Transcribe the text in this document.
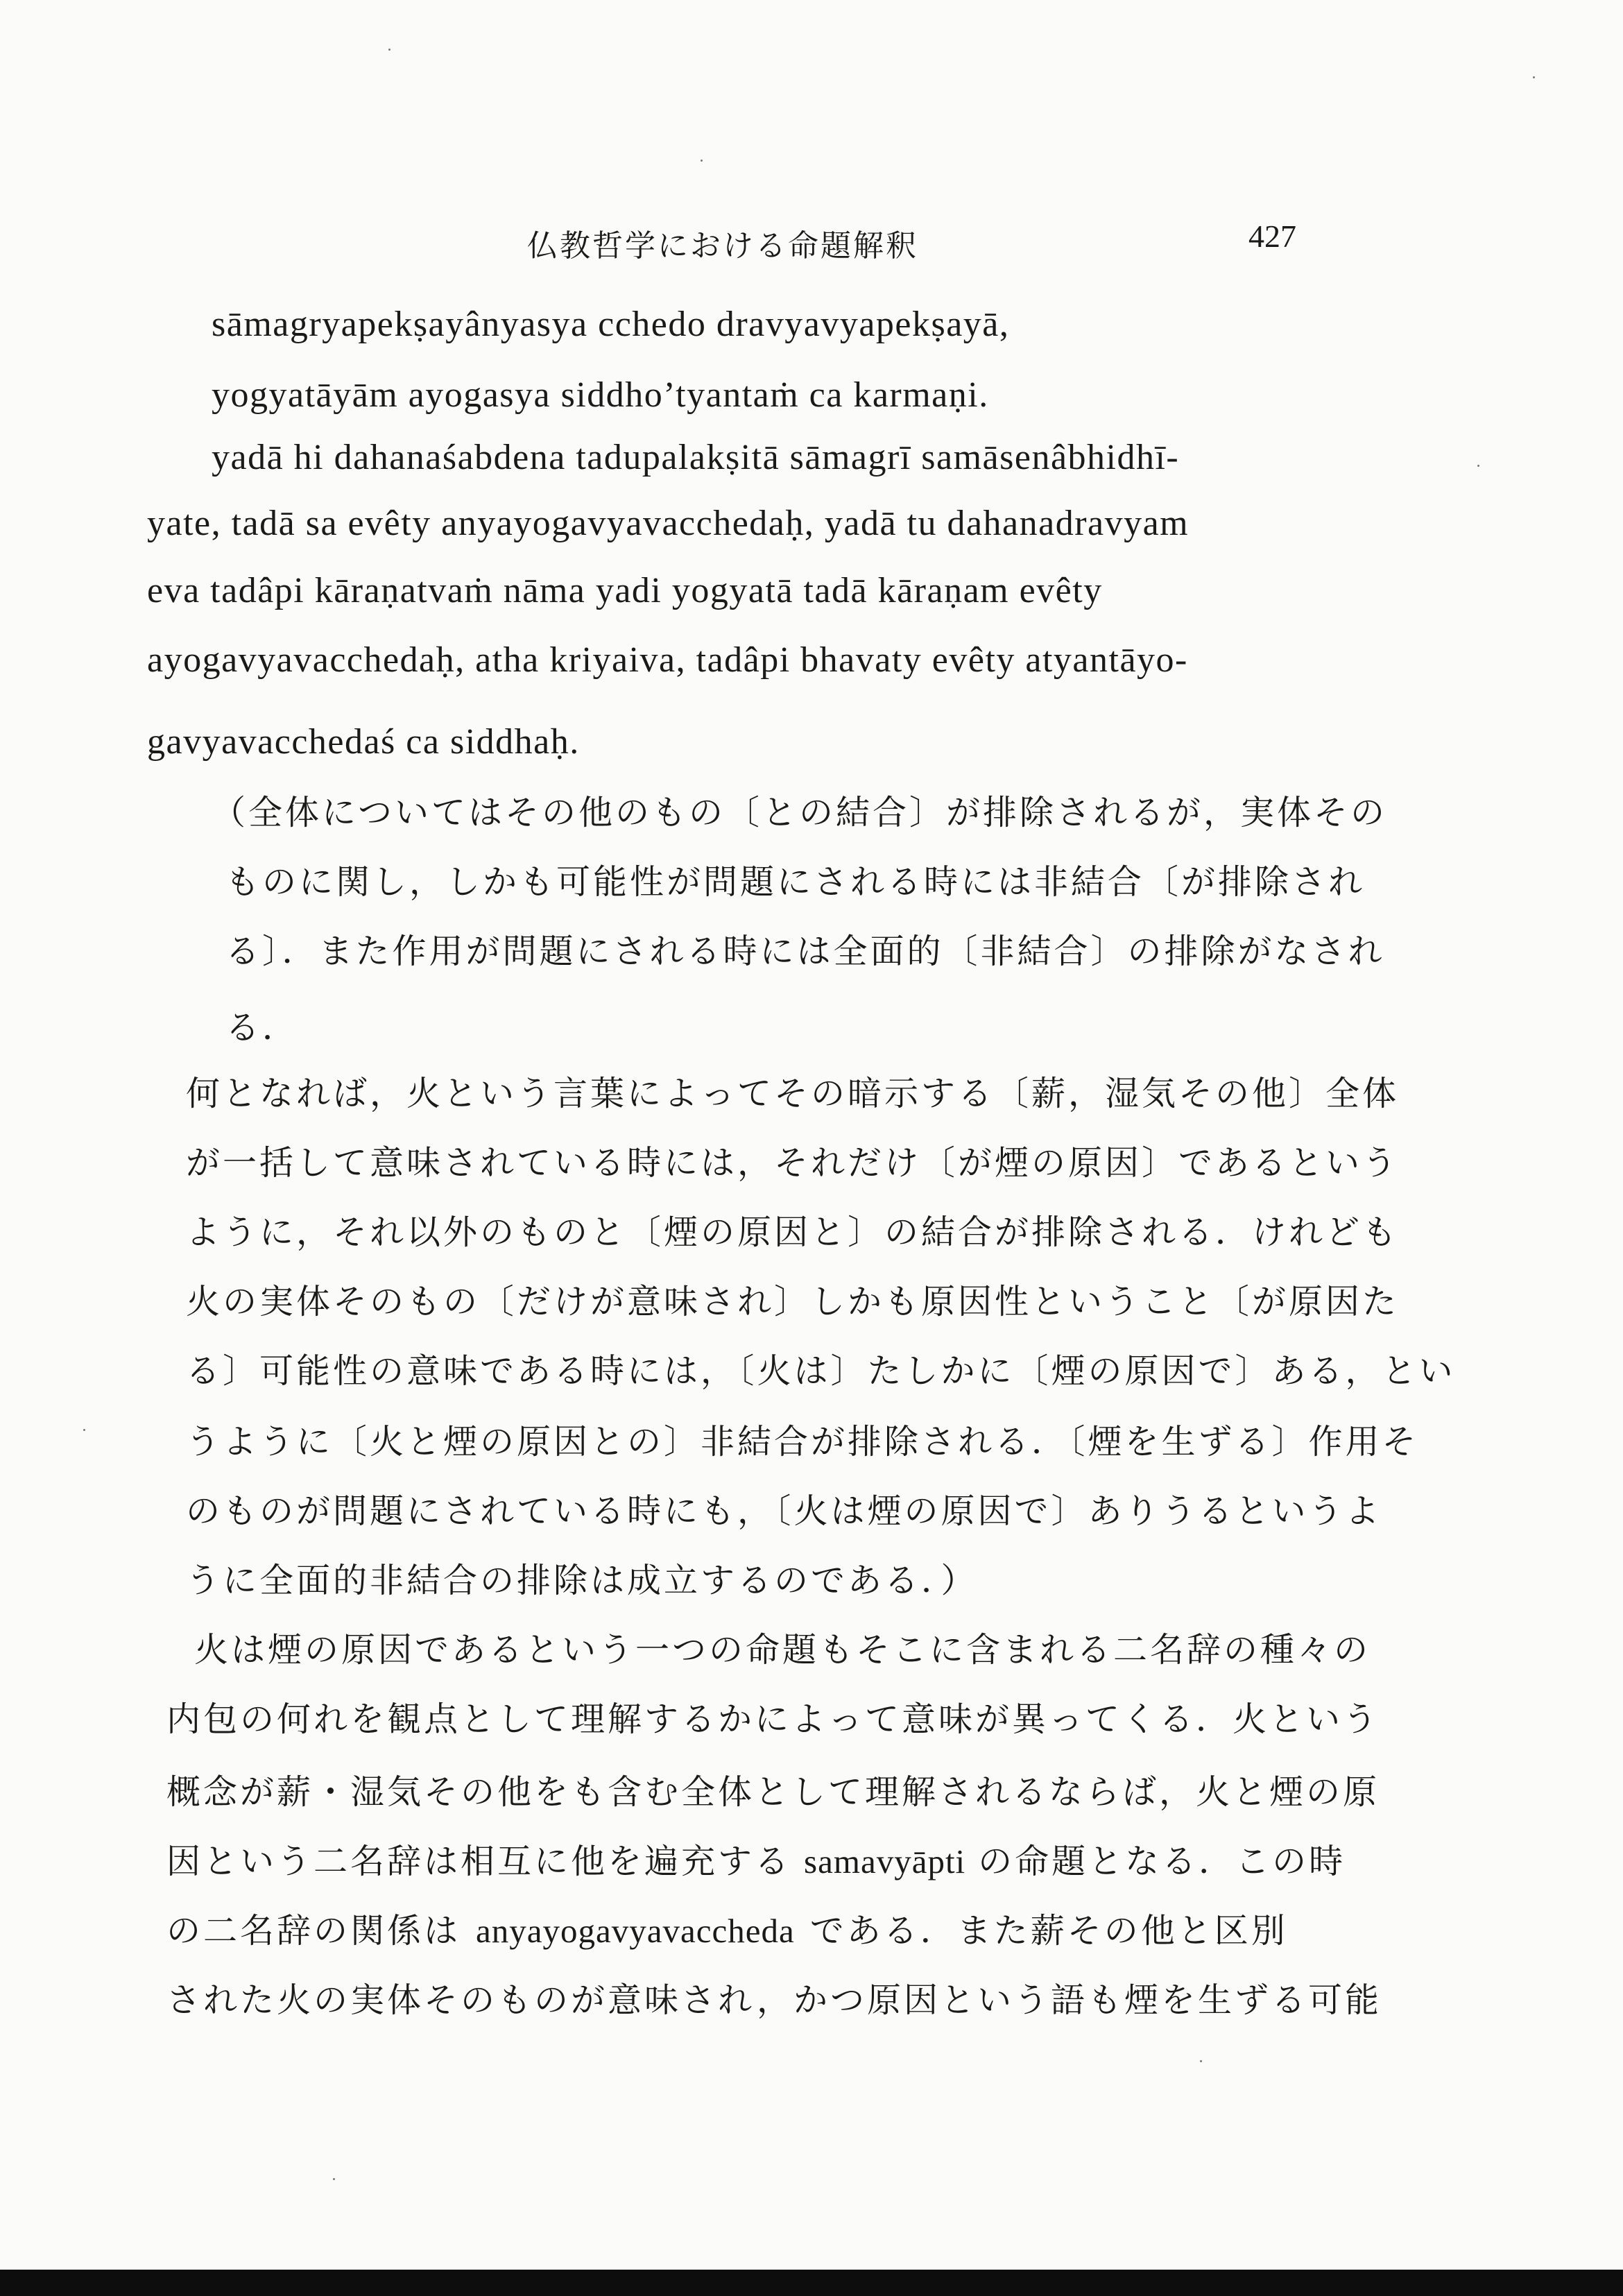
仏教哲学における命題解釈	427
sāmagryapekṣayânyasya cchedo dravyavyapekṣayā,
yogyatāyām ayogasya siddho’tyantaṁ ca karmaṇi.
yadā hi dahanaśabdena tadupalakṣitā sāmagrī samāsenâbhidhī-
yate, tadā sa evêty anyayogavyavacchedaḥ, yadā tu dahanadravyam
eva tadâpi kāraṇatvaṁ nāma yadi yogyatā tadā kāraṇam evêty
ayogavyavacchedaḥ, atha kriyaiva, tadâpi bhavaty evêty atyantāyo-
gavyavacchedaś ca siddhaḥ.
（全体についてはその他のもの〔との結合〕が排除されるが，実体その
ものに関し，しかも可能性が問題にされる時には非結合〔が排除され
る〕．また作用が問題にされる時には全面的〔非結合〕の排除がなされ
る．
何となれば，火という言葉によってその暗示する〔薪，湿気その他〕全体
が一括して意味されている時には，それだけ〔が煙の原因〕であるという
ように，それ以外のものと〔煙の原因と〕の結合が排除される．けれども
火の実体そのもの〔だけが意味され〕しかも原因性ということ〔が原因た
る〕可能性の意味である時には，〔火は〕たしかに〔煙の原因で〕ある，とい
うように〔火と煙の原因との〕非結合が排除される．〔煙を生ずる〕作用そ
のものが問題にされている時にも，〔火は煙の原因で〕ありうるというよ
うに全面的非結合の排除は成立するのである．）
火は煙の原因であるという一つの命題もそこに含まれる二名辞の種々の
内包の何れを観点として理解するかによって意味が異ってくる．火という
概念が薪・湿気その他をも含む全体として理解されるならば，火と煙の原
因という二名辞は相互に他を遍充する samavyāpti の命題となる．この時
の二名辞の関係は anyayogavyavaccheda である．また薪その他と区別
された火の実体そのものが意味され，かつ原因という語も煙を生ずる可能
